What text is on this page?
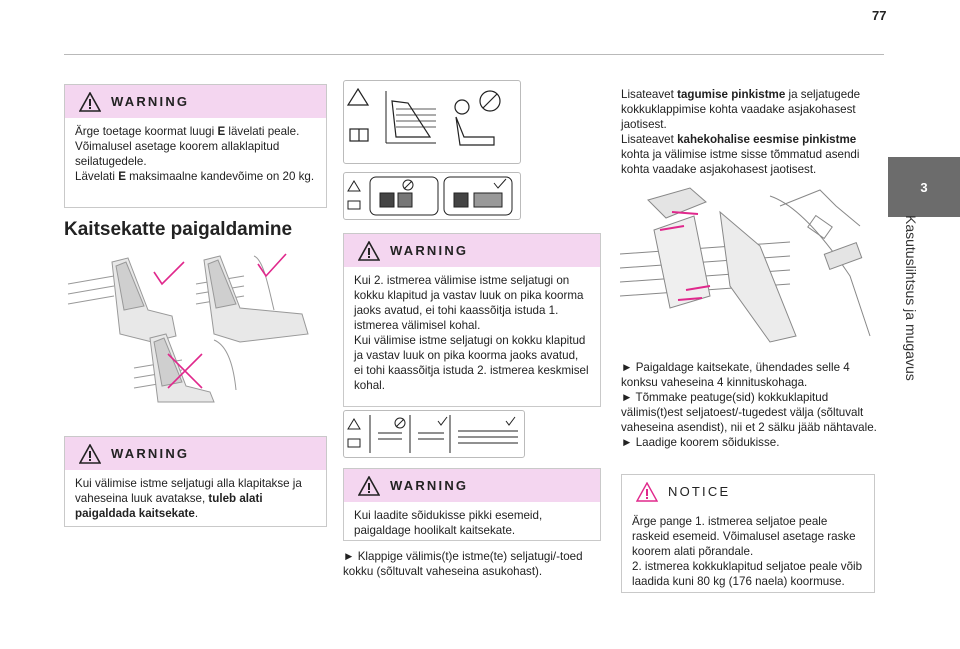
77
3
Kasutuslihtsus ja mugavus
WARNING
Ärge toetage koormat luugi E lävelati peale.
Võimalusel asetage koorem allaklapitud seilatugedele.
Lävelati E maksimaalne kandevõime on 20 kg.
Kaitsekatte paigaldamine
WARNING
Kui välimise istme seljatugi alla klapitakse ja vaheseina luuk avatakse, tuleb alati paigaldada kaitsekate.
WARNING
Kui 2. istmerea välimise istme seljatugi on kokku klapitud ja vastav luuk on pika koorma jaoks avatud, ei tohi kaassõitja istuda 1. istmerea välimisel kohal.
Kui välimise istme seljatugi on kokku klapitud ja vastav luuk on pika koorma jaoks avatud, ei tohi kaassõitja istuda 2. istmerea keskmisel kohal.
WARNING
Kui laadite sõidukisse pikki esemeid, paigaldage hoolikalt kaitsekate.
► Klappige välimis(t)e istme(te) seljatugi/-toed kokku (sõltuvalt vaheseina asukohast).
Lisateavet tagumise pinkistme ja seljatugede kokkuklappimise kohta vaadake asjakohasest jaotisest.
Lisateavet kahekohalise eesmise pinkistme kohta ja välimise istme sisse tõmmatud asendi kohta vaadake asjakohasest jaotisest.
► Paigaldage kaitsekate, ühendades selle 4 konksu vaheseina 4 kinnituskohaga.
► Tõmmake peatuge(sid) kokkuklapitud välimis(t)est seljatoest/-tugedest välja (sõltuvalt vaheseina asendist), nii et 2 sälku jääb nähtavale.
► Laadige koorem sõidukisse.
NOTICE
Ärge pange 1. istmerea seljatoe peale raskeid esemeid. Võimalusel asetage raske koorem alati põrandale.
2. istmerea kokkuklapitud seljatoe peale võib laadida kuni 80 kg (176 naela) koormuse.
